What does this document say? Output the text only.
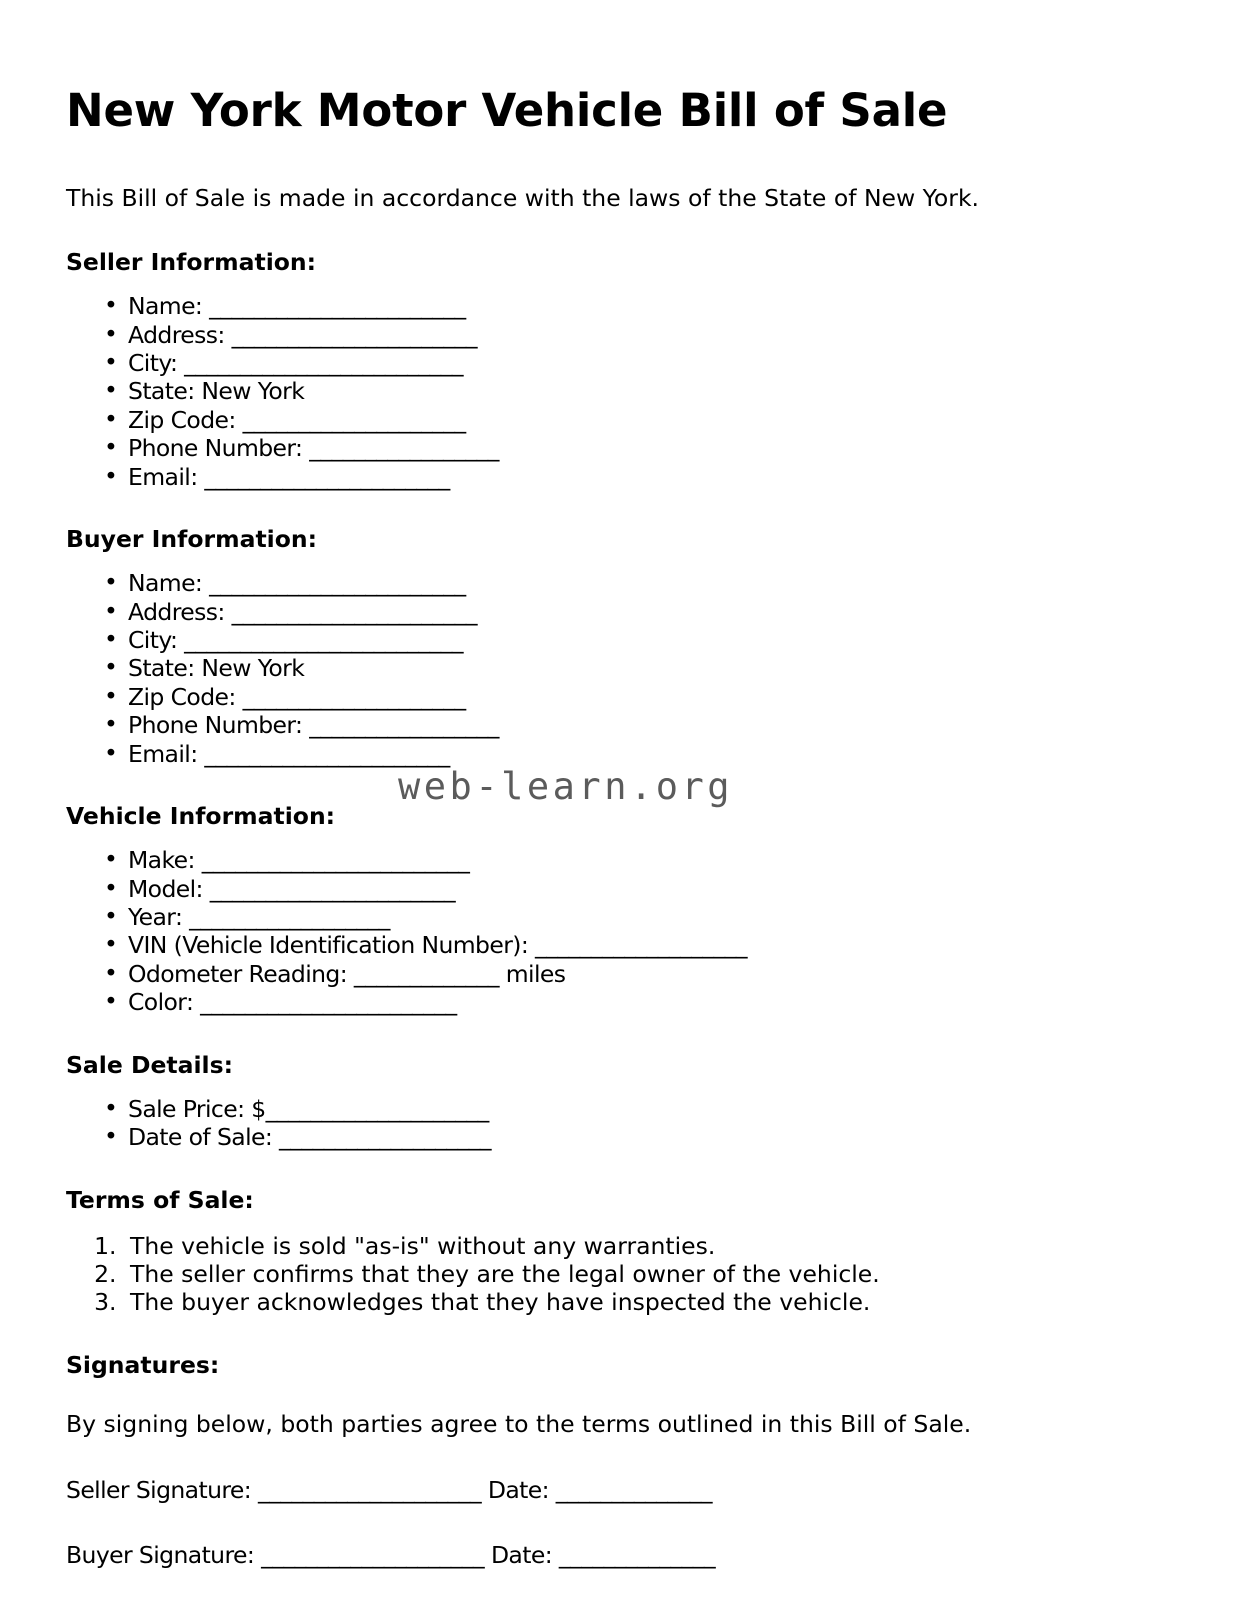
New York Motor Vehicle Bill of Sale

This Bill of Sale is made in accordance with the laws of the State of New York.

Seller Information:
• Name: _______________________
• Address: ______________________
• City: _________________________
• State: New York
• Zip Code: ____________________
• Phone Number: _________________
• Email: ______________________
Buyer Information:
• Name: _______________________
• Address: ______________________
• City: _________________________
• State: New York
• Zip Code: ____________________
• Phone Number: _________________
• Email: ______________________
Vehicle Information:
• Make: ________________________
• Model: ______________________
• Year: __________________
• VIN (Vehicle Identification Number): ___________________
• Odometer Reading: _____________ miles
• Color: _______________________
Sale Details:
• Sale Price: $____________________
• Date of Sale: ___________________
Terms of Sale:
1. The vehicle is sold "as-is" without any warranties.
2. The seller confirms that they are the legal owner of the vehicle.
3. The buyer acknowledges that they have inspected the vehicle.
Signatures:

By signing below, both parties agree to the terms outlined in this Bill of Sale.

Seller Signature: ____________________ Date: ______________
Buyer Signature: ____________________ Date: ______________
web-learn.org
